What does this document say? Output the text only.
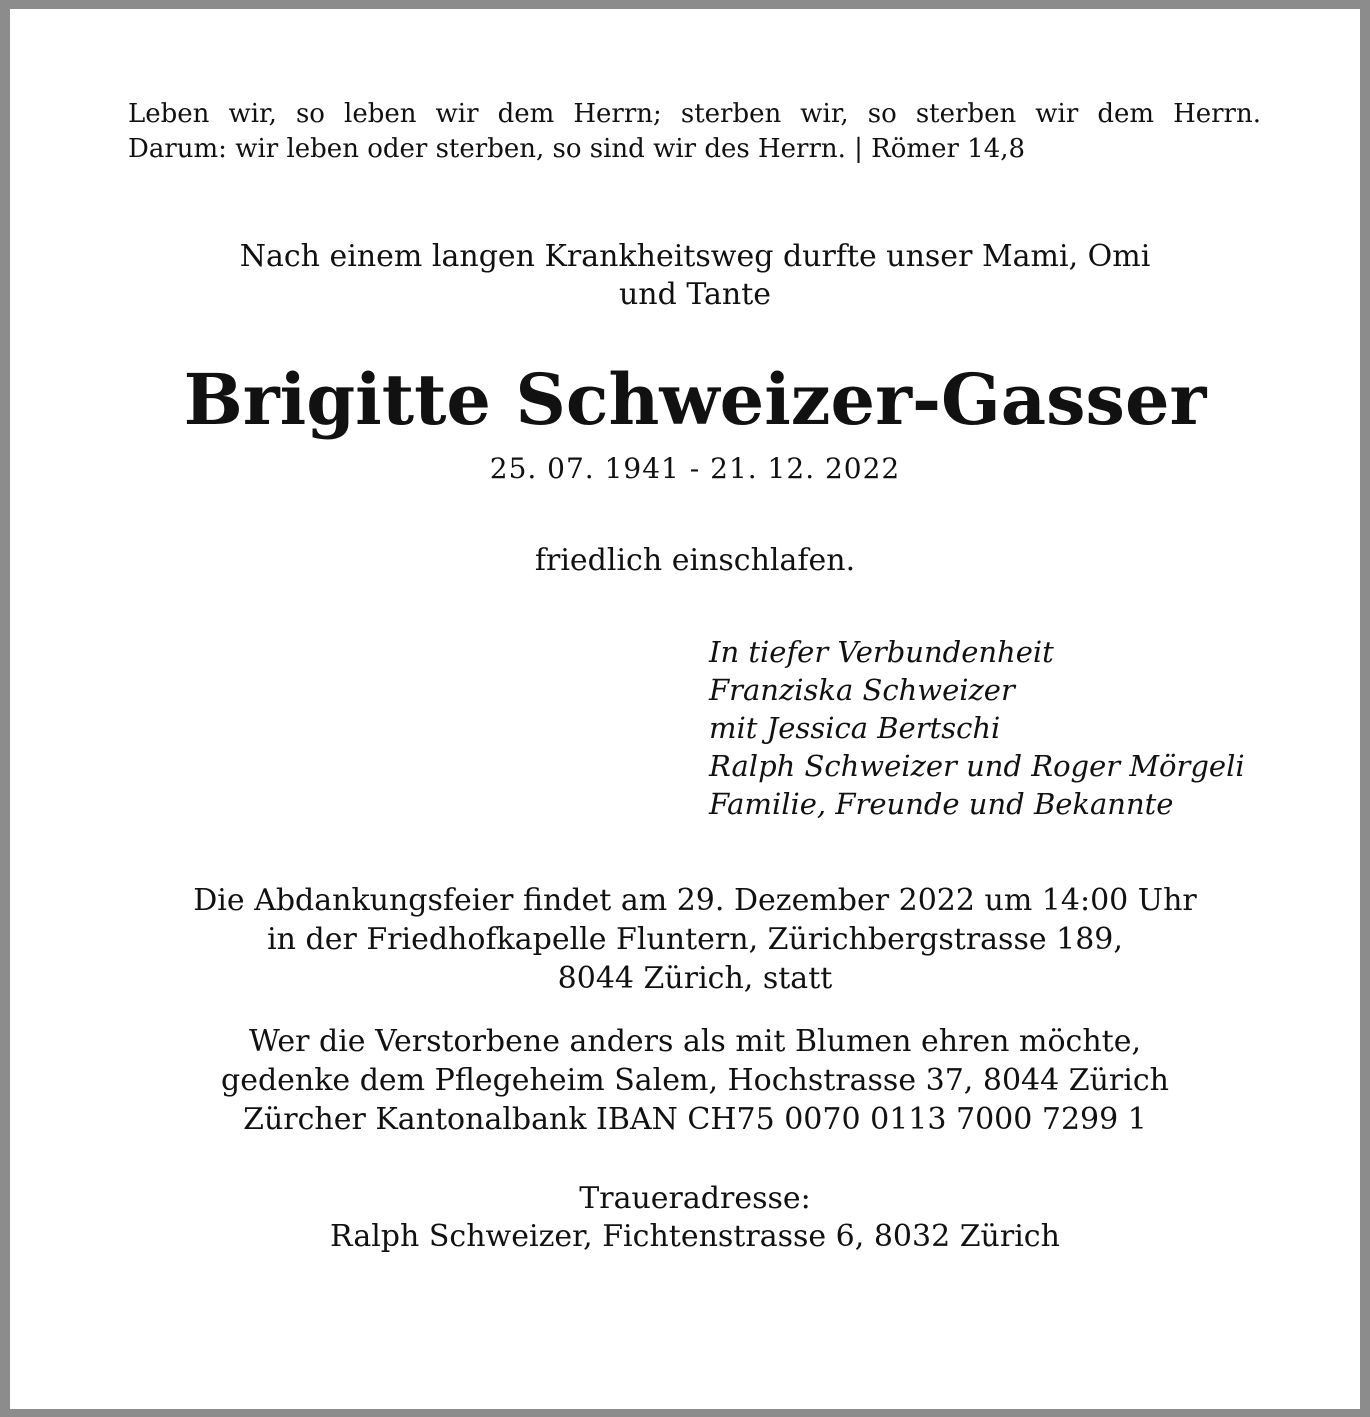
Leben wir, so leben wir dem Herrn; sterben wir, so sterben wir dem Herrn.
Darum: wir leben oder sterben, so sind wir des Herrn. | Römer 14,8
Nach einem langen Krankheitsweg durfte unser Mami, Omi
und Tante
Brigitte Schweizer-Gasser
25. 07. 1941 - 21. 12. 2022
friedlich einschlafen.
In tiefer Verbundenheit
Franziska Schweizer
mit Jessica Bertschi
Ralph Schweizer und Roger Mörgeli
Familie, Freunde und Bekannte
Die Abdankungsfeier findet am 29. Dezember 2022 um 14:00 Uhr
in der Friedhofkapelle Fluntern, Zürichbergstrasse 189,
8044 Zürich, statt
Wer die Verstorbene anders als mit Blumen ehren möchte,
gedenke dem Pflegeheim Salem, Hochstrasse 37, 8044 Zürich
Zürcher Kantonalbank IBAN CH75 0070 0113 7000 7299 1
Traueradresse:
Ralph Schweizer, Fichtenstrasse 6, 8032 Zürich
